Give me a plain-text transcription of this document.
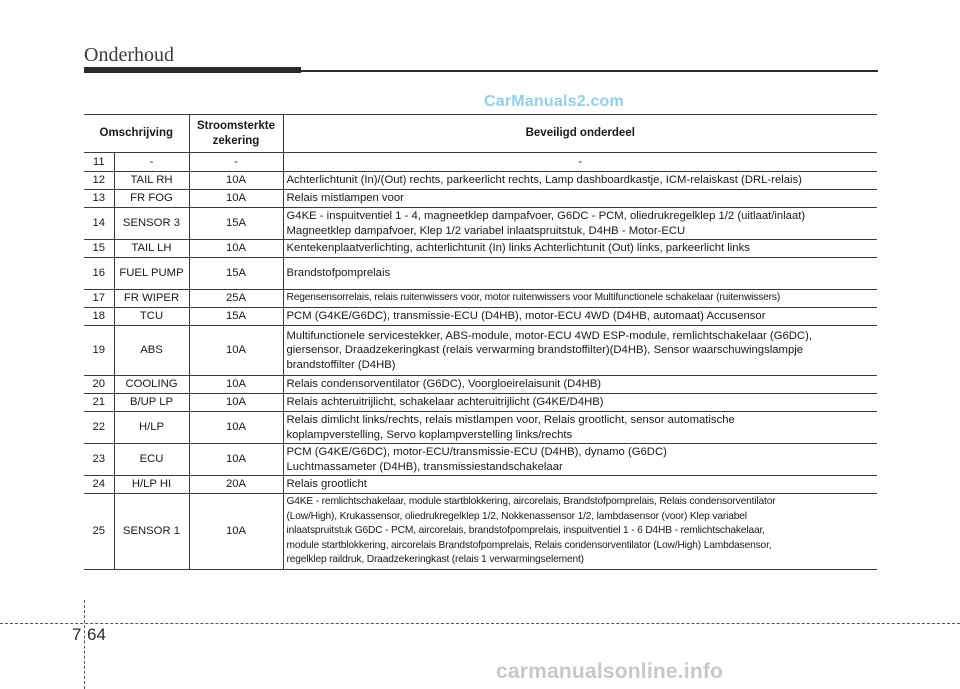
Onderhoud
CarManuals2.com
Omschrijving		Stroomsterkte
zekering	Beveiligd onderdeel
11	-	-	-

12	TAIL RH	10A	Achterlichtunit (In)/(Out) rechts, parkeerlicht rechts, Lamp dashboardkastje, ICM-relaiskast (DRL-relais)

13	FR FOG	10A	Relais mistlampen voor

14	SENSOR 3	15A	G4KE - inspuitventiel 1 - 4, magneetklep dampafvoer, G6DC - PCM, oliedrukregelklep 1/2 (uitlaat/inlaat)
Magneetklep dampafvoer, Klep 1/2 variabel inlaatspruitstuk, D4HB - Motor-ECU

15	TAIL LH	10A	Kentekenplaatverlichting, achterlichtunit (In) links Achterlichtunit (Out) links, parkeerlicht links

16	FUEL PUMP	15A	Brandstofpomprelais

17	FR WIPER	25A	Regensensorrelais, relais ruitenwissers voor, motor ruitenwissers voor Multifunctionele schakelaar (ruitenwissers)

18	TCU	15A	PCM (G4KE/G6DC), transmissie-ECU (D4HB), motor-ECU 4WD (D4HB, automaat) Accusensor

19	ABS	10A	Multifunctionele servicestekker, ABS-module, motor-ECU 4WD ESP-module, remlichtschakelaar (G6DC),
giersensor, Draadzekeringkast (relais verwarming brandstoffilter)(D4HB), Sensor waarschuwingslampje
brandstoffilter (D4HB)

20	COOLING	10A	Relais condensorventilator (G6DC), Voorgloeirelaisunit (D4HB)

21	B/UP LP	10A	Relais achteruitrijlicht, schakelaar achteruitrijlicht (G4KE/D4HB)

22	H/LP	10A	Relais dimlicht links/rechts, relais mistlampen voor, Relais grootlicht, sensor automatische
koplampverstelling, Servo koplampverstelling links/rechts

23	ECU	10A	PCM (G4KE/G6DC), motor-ECU/transmissie-ECU (D4HB), dynamo (G6DC)
Luchtmassameter (D4HB), transmissiestandschakelaar

24	H/LP HI	20A	Relais grootlicht

25	SENSOR 1	10A	G4KE - remlichtschakelaar, module startblokkering, aircorelais, Brandstofpomprelais, Relais condensorventilator
(Low/High), Krukassensor, oliedrukregelklep 1/2, Nokkenassensor 1/2, lambdasensor (voor) Klep variabel
inlaatspruitstuk G6DC - PCM, aircorelais, brandstofpomprelais, inspuitventiel 1 - 6 D4HB - remlichtschakelaar,
module startblokkering, aircorelais Brandstofpomprelais, Relais condensorventilator (Low/High) Lambdasensor,
regelklep raildruk, Draadzekeringkast (relais 1 verwarmingselement)
7 64
carmanualsonline.info
